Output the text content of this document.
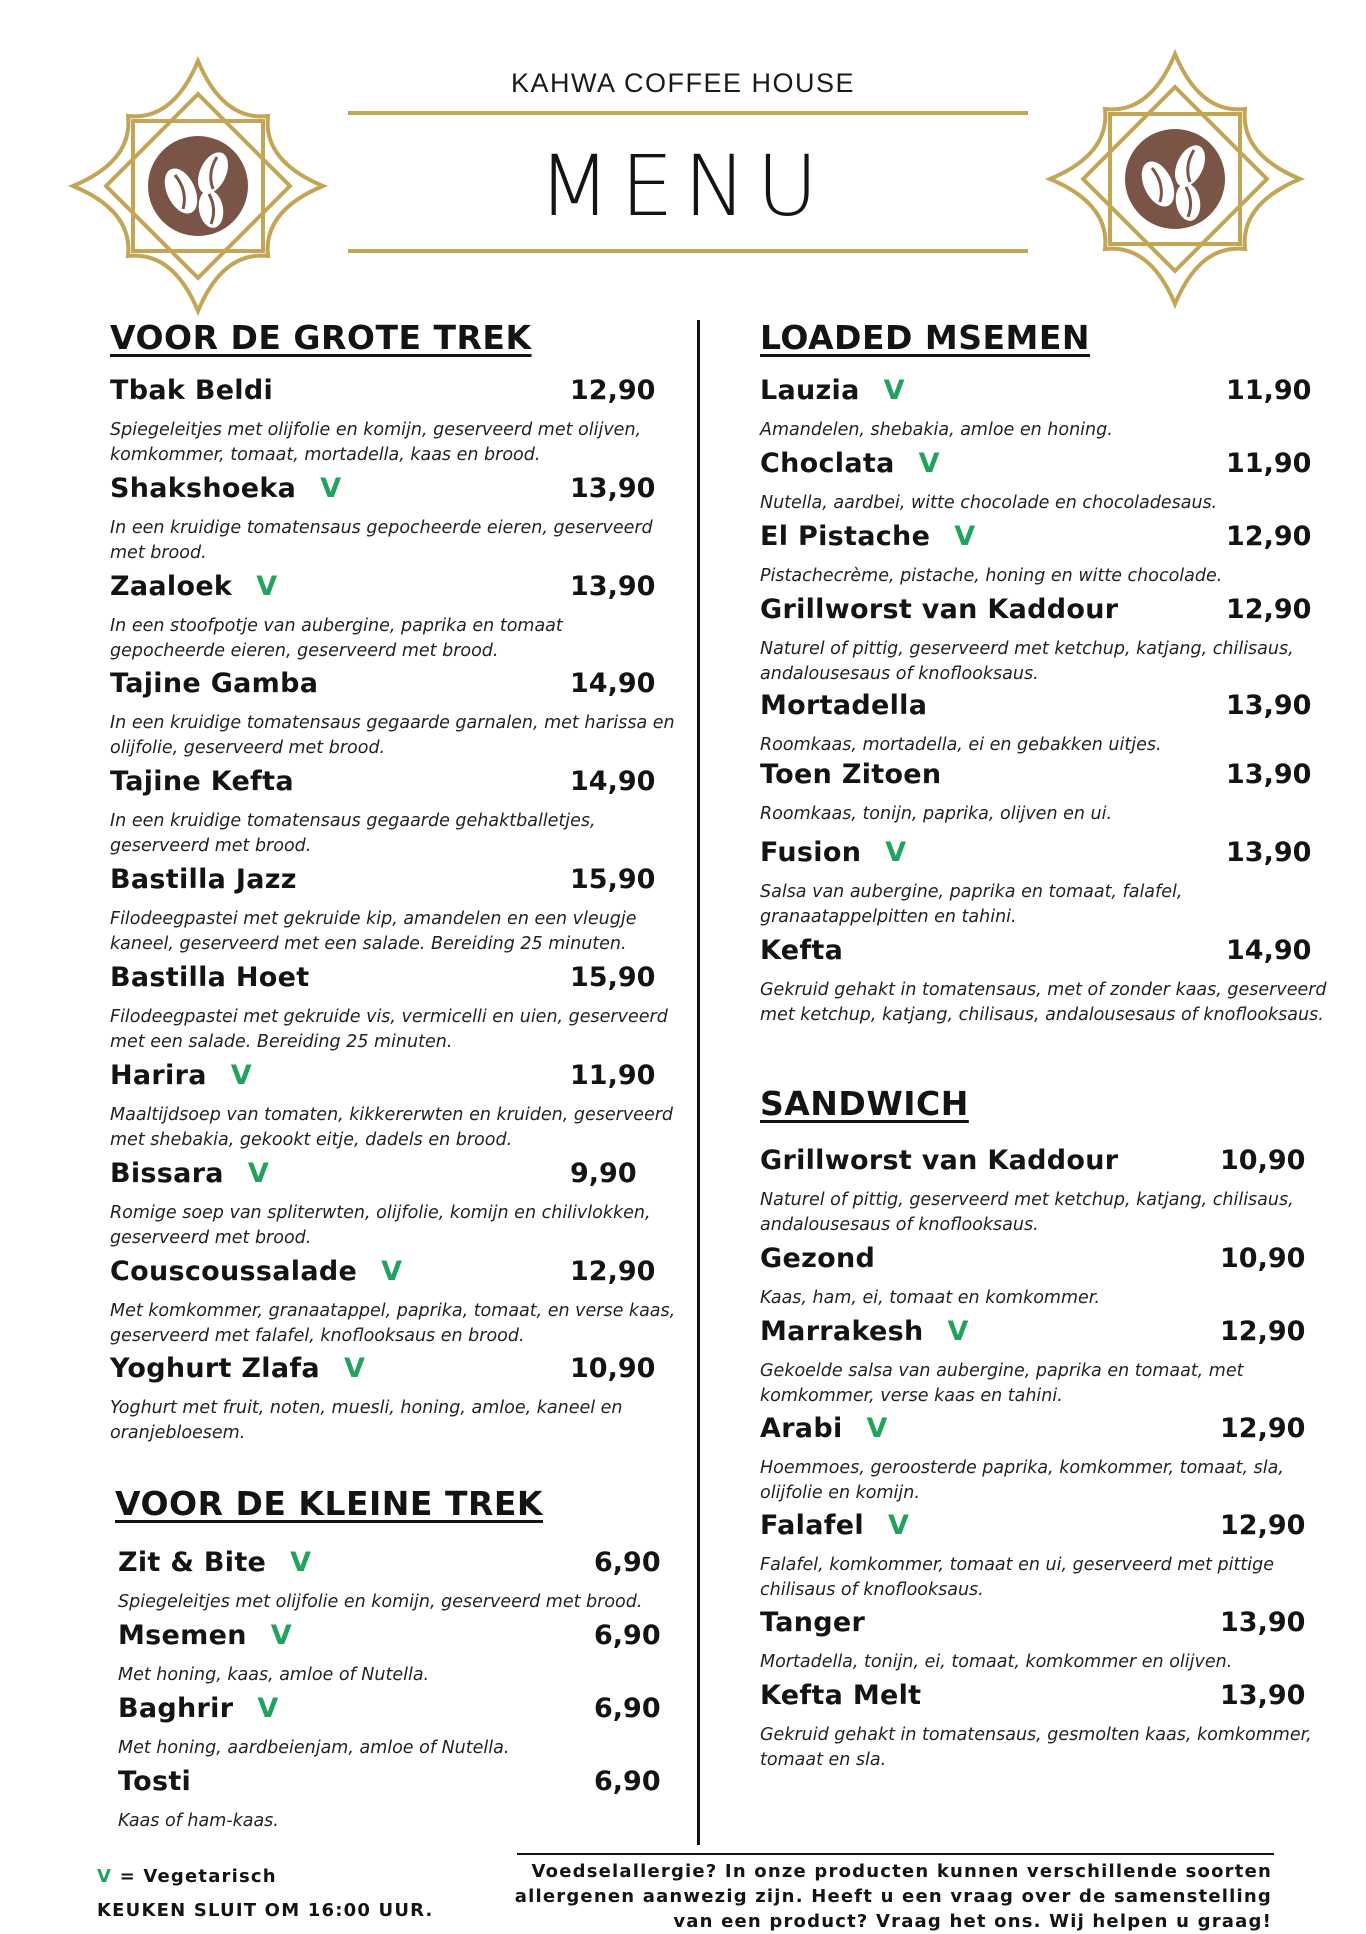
KAHWA COFFEE HOUSE
MENU
VOOR DE GROTE TREK
VOOR DE KLEINE TREK
LOADED MSEMEN
SANDWICH
Tbak Beldi	12,90
Spiegeleitjes met olijfolie en komijn, geserveerd met olijven, komkommer, tomaat, mortadella, kaas en brood.
Shakshoeka V	13,90
In een kruidige tomatensaus gepocheerde eieren, geserveerd met brood.
Zaaloek V	13,90
In een stoofpotje van aubergine, paprika en tomaat gepocheerde eieren, geserveerd met brood.
Tajine Gamba	14,90
In een kruidige tomatensaus gegaarde garnalen, met harissa en olijfolie, geserveerd met brood.
Tajine Kefta	14,90
In een kruidige tomatensaus gegaarde gehaktballetjes, geserveerd met brood.
Bastilla Jazz	15,90
Filodeegpastei met gekruide kip, amandelen en een vleugje kaneel, geserveerd met een salade. Bereiding 25 minuten.
Bastilla Hoet	15,90
Filodeegpastei met gekruide vis, vermicelli en uien, geserveerd met een salade. Bereiding 25 minuten.
Harira V	11,90
Maaltijdsoep van tomaten, kikkererwten en kruiden, geserveerd met shebakia, gekookt eitje, dadels en brood.
Bissara V	9,90
Romige soep van spliterwten, olijfolie, komijn en chilivlokken, geserveerd met brood.
Couscoussalade V	12,90
Met komkommer, granaatappel, paprika, tomaat, en verse kaas, geserveerd met falafel, knoflooksaus en brood.
Yoghurt Zlafa V	10,90
Yoghurt met fruit, noten, muesli, honing, amloe, kaneel en oranjebloesem.
Zit & Bite V	6,90
Spiegeleitjes met olijfolie en komijn, geserveerd met brood.
Msemen V	6,90
Met honing, kaas, amloe of Nutella.
Baghrir V	6,90
Met honing, aardbeienjam, amloe of Nutella.
Tosti	6,90
Kaas of ham-kaas.
Lauzia V	11,90
Amandelen, shebakia, amloe en honing.
Choclata V	11,90
Nutella, aardbei, witte chocolade en chocoladesaus.
El Pistache V	12,90
Pistachecrème, pistache, honing en witte chocolade.
Grillworst van Kaddour	12,90
Naturel of pittig, geserveerd met ketchup, katjang, chilisaus, andalousesaus of knoflooksaus.
Mortadella	13,90
Roomkaas, mortadella, ei en gebakken uitjes.
Toen Zitoen	13,90
Roomkaas, tonijn, paprika, olijven en ui.
Fusion V	13,90
Salsa van aubergine, paprika en tomaat, falafel, granaatappelpitten en tahini.
Kefta	14,90
Gekruid gehakt in tomatensaus, met of zonder kaas, geserveerd met ketchup, katjang, chilisaus, andalousesaus of knoflooksaus.
Grillworst van Kaddour	10,90
Naturel of pittig, geserveerd met ketchup, katjang, chilisaus, andalousesaus of knoflooksaus.
Gezond	10,90
Kaas, ham, ei, tomaat en komkommer.
Marrakesh V	12,90
Gekoelde salsa van aubergine, paprika en tomaat, met komkommer, verse kaas en tahini.
Arabi V	12,90
Hoemmoes, geroosterde paprika, komkommer, tomaat, sla, olijfolie en komijn.
Falafel V	12,90
Falafel, komkommer, tomaat en ui, geserveerd met pittige chilisaus of knoflooksaus.
Tanger	13,90
Mortadella, tonijn, ei, tomaat, komkommer en olijven.
Kefta Melt	13,90
Gekruid gehakt in tomatensaus, gesmolten kaas, komkommer, tomaat en sla.
V = Vegetarisch
KEUKEN SLUIT OM 16:00 UUR.
Voedselallergie? In onze producten kunnen verschillende soorten allergenen aanwezig zijn. Heeft u een vraag over de samenstelling van een product? Vraag het ons. Wij helpen u graag!
